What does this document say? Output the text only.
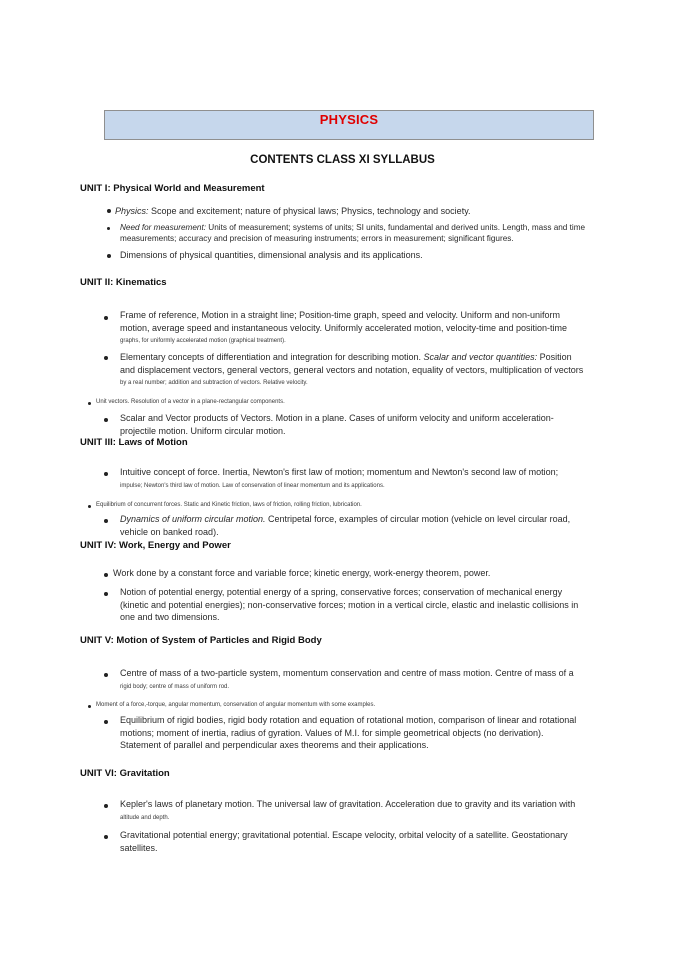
PHYSICS
CONTENTS CLASS XI SYLLABUS
UNIT I: Physical World and Measurement
Physics: Scope and excitement; nature of physical laws; Physics, technology and society.
Need for measurement: Units of measurement; systems of units; SI units, fundamental and derived units. Length, mass and time
measurements; accuracy and precision of measuring instruments; errors in measurement; significant figures.
Dimensions of physical quantities, dimensional analysis and its applications.
UNIT II: Kinematics
Frame of reference, Motion in a straight line; Position-time graph, speed and velocity. Uniform and non-uniform
motion, average speed and instantaneous velocity. Uniformly accelerated motion, velocity-time and position-time
graphs, for uniformly accelerated motion (graphical treatment).
Elementary concepts of differentiation and integration for describing motion. Scalar and vector quantities: Position
and displacement vectors, general vectors, general vectors and notation, equality of vectors, multiplication of vectors
by a real number; addition and subtraction of vectors. Relative velocity.
Unit vectors. Resolution of a vector in a plane-rectangular components.
Scalar and Vector products of Vectors. Motion in a plane. Cases of uniform velocity and uniform acceleration-
projectile motion. Uniform circular motion.
UNIT III: Laws of Motion
Intuitive concept of force. Inertia, Newton's first law of motion; momentum and Newton's second law of motion;
impulse; Newton's third law of motion. Law of conservation of linear momentum and its applications.
Equilibrium of concurrent forces. Static and Kinetic friction, laws of friction, rolling friction, lubrication.
Dynamics of uniform circular motion. Centripetal force, examples of circular motion (vehicle on level circular road,
vehicle on banked road).
UNIT IV: Work, Energy and Power
Work done by a constant force and variable force; kinetic energy, work-energy theorem, power.
Notion of potential energy, potential energy of a spring, conservative forces; conservation of mechanical energy
(kinetic and potential energies); non-conservative forces; motion in a vertical circle, elastic and inelastic collisions in
one and two dimensions.
UNIT V: Motion of System of Particles and Rigid Body
Centre of mass of a two-particle system, momentum conservation and centre of mass motion. Centre of mass of a
rigid body; centre of mass of uniform rod.
Moment of a force,-torque, angular momentum, conservation of angular momentum with some examples.
Equilibrium of rigid bodies, rigid body rotation and equation of rotational motion, comparison of linear and rotational
motions; moment of inertia, radius of gyration. Values of M.I. for simple geometrical objects (no derivation).
Statement of parallel and perpendicular axes theorems and their applications.
UNIT VI: Gravitation
Kepler's laws of planetary motion. The universal law of gravitation. Acceleration due to gravity and its variation with
altitude and depth.
Gravitational potential energy; gravitational potential. Escape velocity, orbital velocity of a satellite. Geostationary
satellites.
